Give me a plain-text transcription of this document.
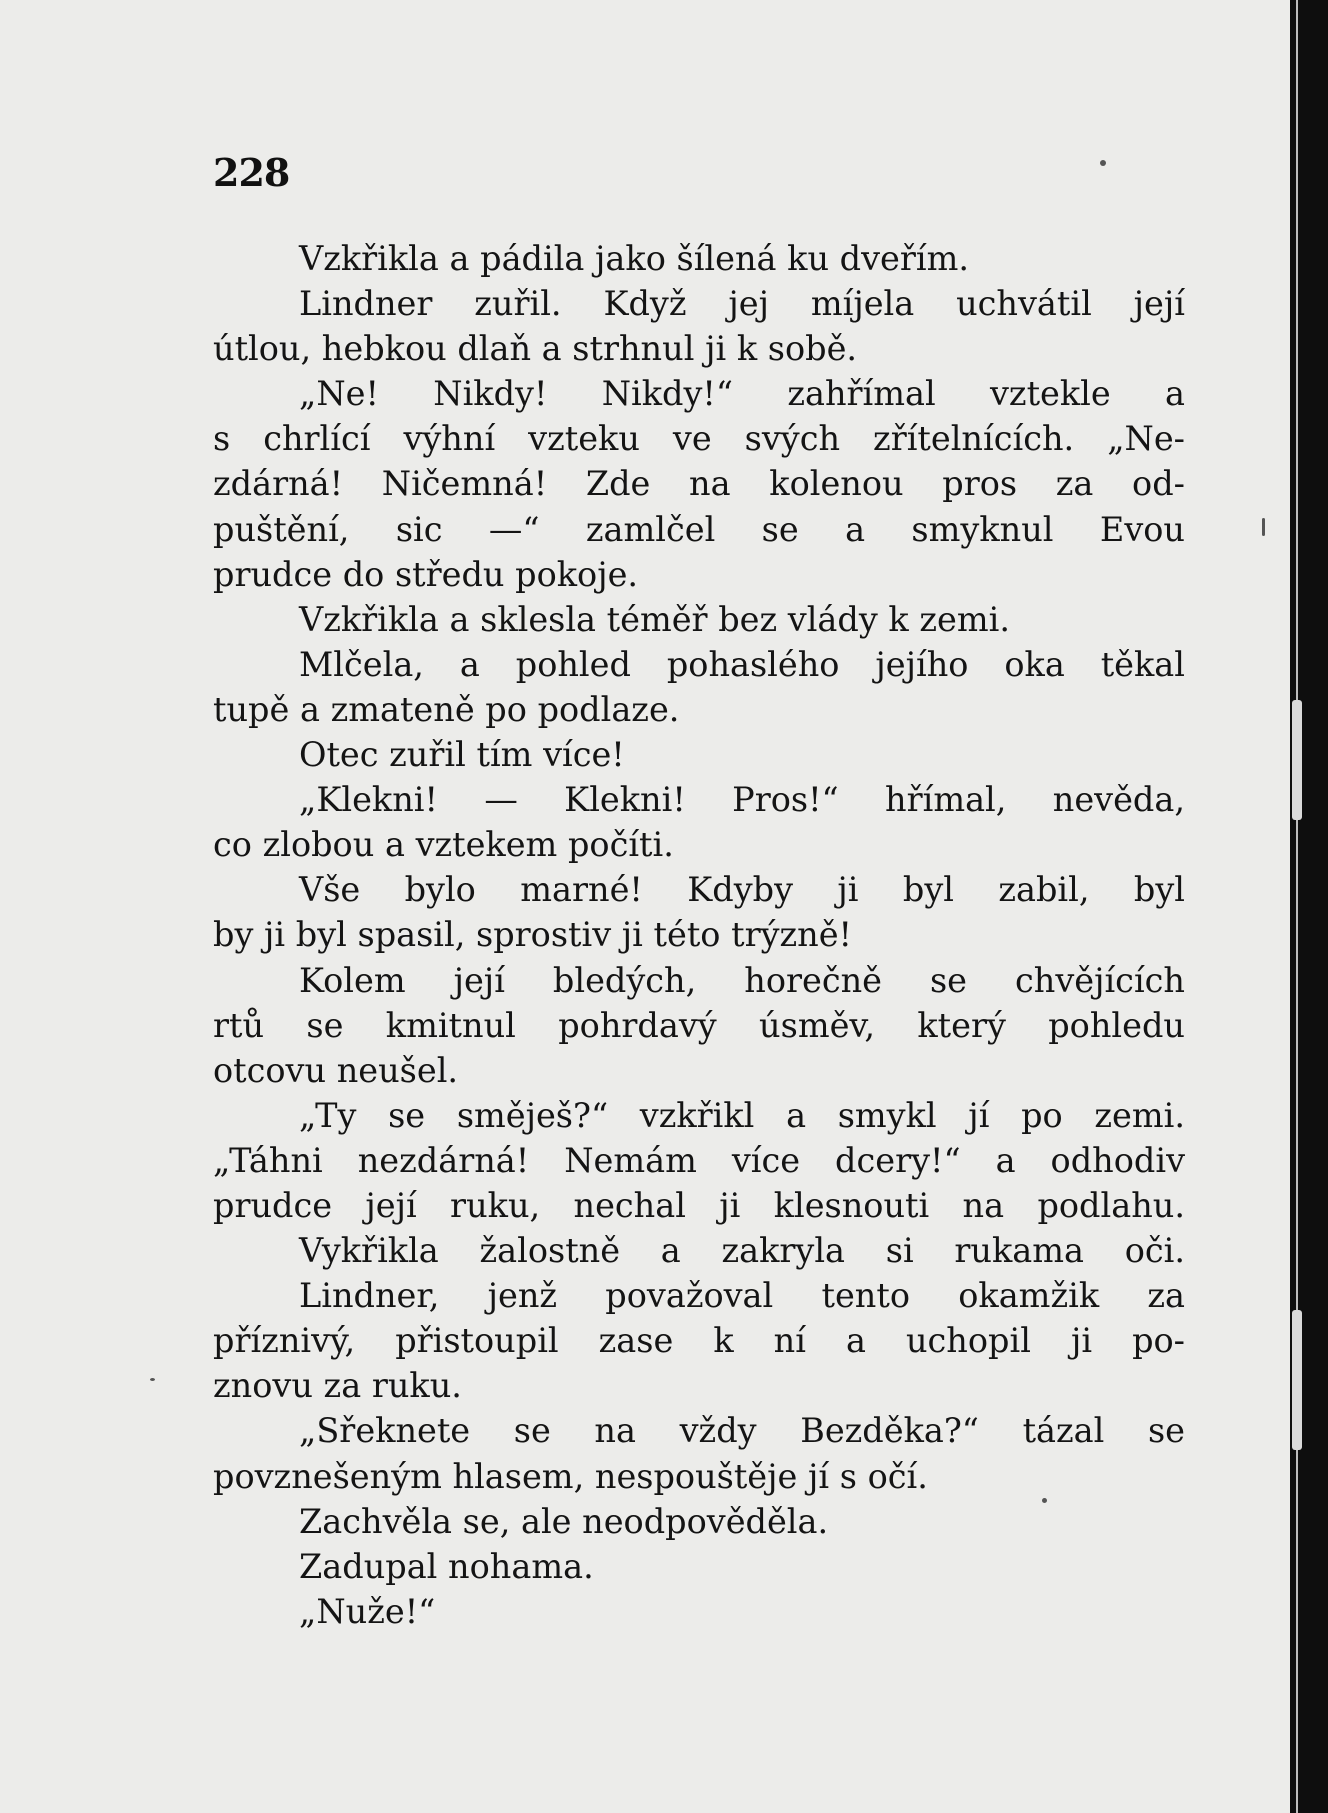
228
Vzkřikla a pádila jako šílená ku dveřím.
Lindner zuřil. Když jej míjela uchvátil její
útlou, hebkou dlaň a strhnul ji k sobě.
„Ne! Nikdy! Nikdy!“ zahřímal vztekle a
s chrlící výhní vzteku ve svých zřítelnících. „Ne-
zdárná! Ničemná! Zde na kolenou pros za od-
puštění, sic —“ zamlčel se a smyknul Evou
prudce do středu pokoje.
Vzkřikla a sklesla téměř bez vlády k zemi.
Mlčela, a pohled pohaslého jejího oka těkal
tupě a zmateně po podlaze.
Otec zuřil tím více!
„Klekni! — Klekni! Pros!“ hřímal, nevěda,
co zlobou a vztekem počíti.
Vše bylo marné! Kdyby ji byl zabil, byl
by ji byl spasil, sprostiv ji této trýzně!
Kolem její bledých, horečně se chvějících
rtů se kmitnul pohrdavý úsměv, který pohledu
otcovu neušel.
„Ty se směješ?“ vzkřikl a smykl jí po zemi.
„Táhni nezdárná! Nemám více dcery!“ a odhodiv
prudce její ruku, nechal ji klesnouti na podlahu.
Vykřikla žalostně a zakryla si rukama oči.
Lindner, jenž považoval tento okamžik za
příznivý, přistoupil zase k ní a uchopil ji po-
znovu za ruku.
„Sřeknete se na vždy Bezděka?“ tázal se
povznešeným hlasem, nespouštěje jí s očí.
Zachvěla se, ale neodpověděla.
Zadupal nohama.
„Nuže!“
